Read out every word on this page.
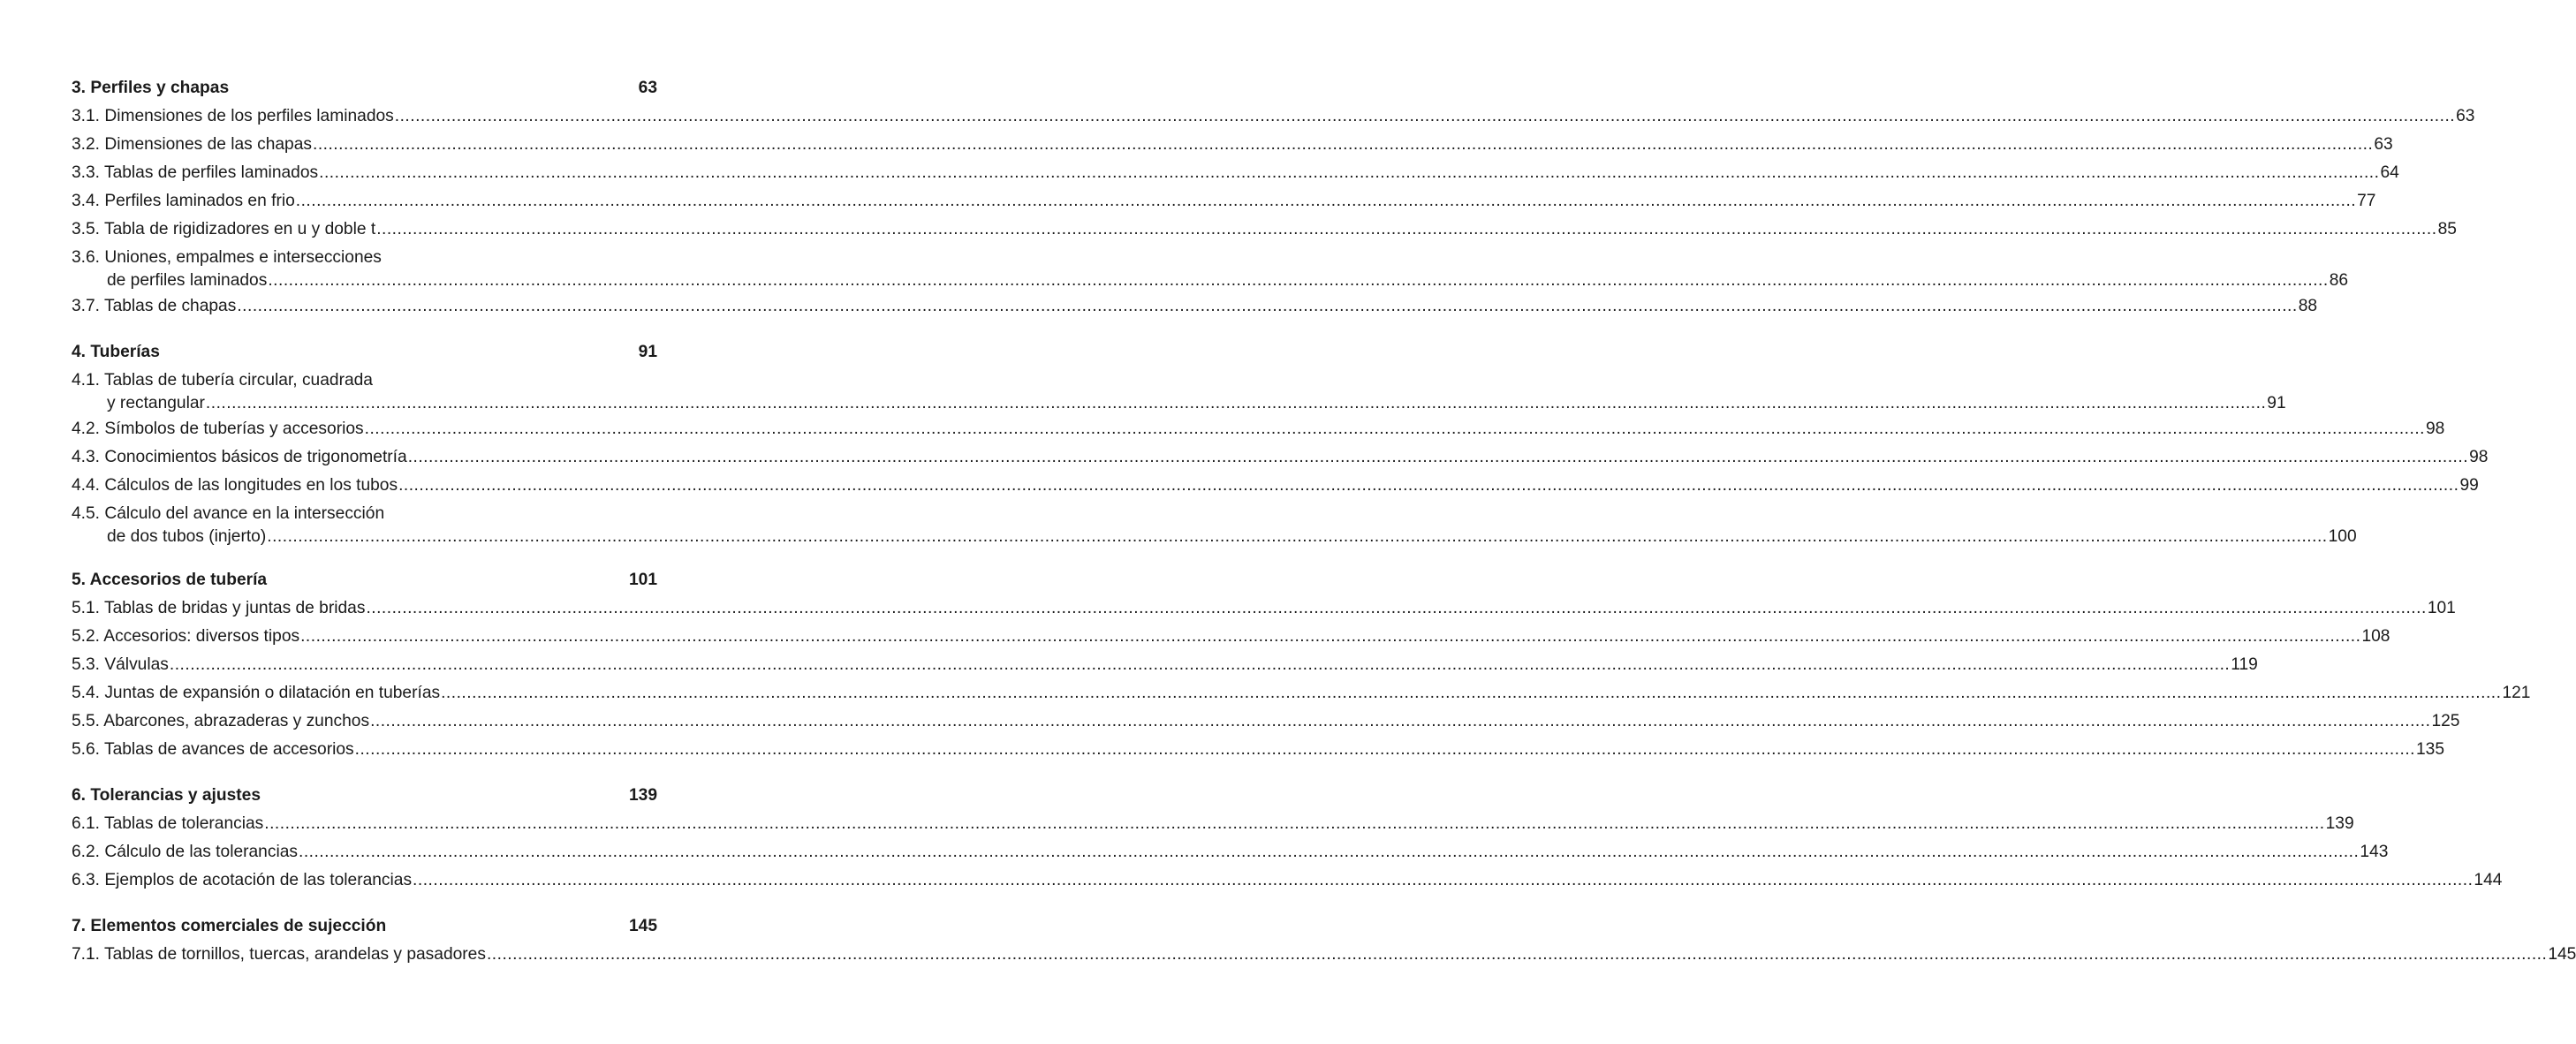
3. Perfiles y chapas	63
3.1. Dimensiones de los perfiles laminados ................................................................................................................................................................................................................................................................................................................................................................................................................ 63
3.2. Dimensiones de las chapas ................................................................................................................................................................................................................................................................................................................................................................................................................ 63
3.3. Tablas de perfiles laminados ................................................................................................................................................................................................................................................................................................................................................................................................................ 64
3.4. Perfiles laminados en frio ................................................................................................................................................................................................................................................................................................................................................................................................................ 77
3.5. Tabla de rigidizadores en u y doble t ................................................................................................................................................................................................................................................................................................................................................................................................................ 85
3.6. Uniones, empalmes e intersecciones
de perfiles laminados ................................................................................................................................................................................................................................................................................................................................................................................................................ 86
3.7. Tablas de chapas ................................................................................................................................................................................................................................................................................................................................................................................................................ 88
4. Tuberías	91
4.1. Tablas de tubería circular, cuadrada
y rectangular ................................................................................................................................................................................................................................................................................................................................................................................................................ 91
4.2. Símbolos de tuberías y accesorios ................................................................................................................................................................................................................................................................................................................................................................................................................ 98
4.3. Conocimientos básicos de trigonometría ................................................................................................................................................................................................................................................................................................................................................................................................................ 98
4.4. Cálculos de las longitudes en los tubos ................................................................................................................................................................................................................................................................................................................................................................................................................ 99
4.5. Cálculo del avance en la intersección
de dos tubos (injerto) ................................................................................................................................................................................................................................................................................................................................................................................................................ 100
5. Accesorios de tubería	101
5.1. Tablas de bridas y juntas de bridas ................................................................................................................................................................................................................................................................................................................................................................................................................ 101
5.2. Accesorios: diversos tipos ................................................................................................................................................................................................................................................................................................................................................................................................................ 108
5.3. Válvulas ................................................................................................................................................................................................................................................................................................................................................................................................................ 119
5.4. Juntas de expansión o dilatación en tuberías ................................................................................................................................................................................................................................................................................................................................................................................................................ 121
5.5. Abarcones, abrazaderas y zunchos ................................................................................................................................................................................................................................................................................................................................................................................................................ 125
5.6. Tablas de avances de accesorios ................................................................................................................................................................................................................................................................................................................................................................................................................ 135
6. Tolerancias y ajustes	139
6.1. Tablas de tolerancias ................................................................................................................................................................................................................................................................................................................................................................................................................ 139
6.2. Cálculo de las tolerancias ................................................................................................................................................................................................................................................................................................................................................................................................................ 143
6.3. Ejemplos de acotación de las tolerancias ................................................................................................................................................................................................................................................................................................................................................................................................................ 144
7. Elementos comerciales de sujección	145
7.1. Tablas de tornillos, tuercas, arandelas y pasadores ................................................................................................................................................................................................................................................................................................................................................................................................................ 145
